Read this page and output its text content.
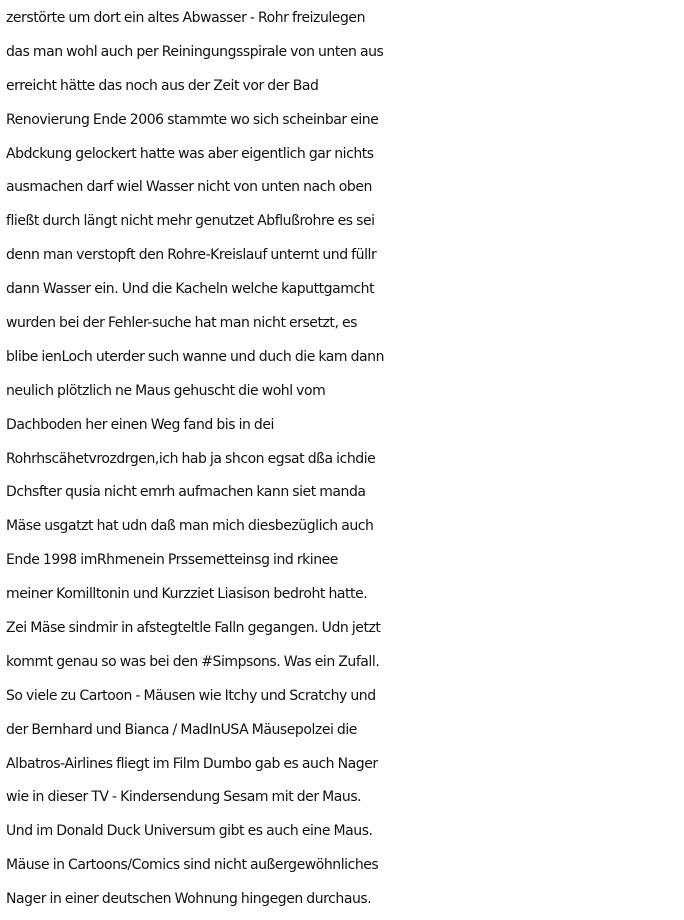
zerstörte um dort ein altes Abwasser - Rohr freizulegen
das man wohl auch per Reiningungsspirale von unten aus
erreicht hätte das noch aus der Zeit vor der Bad
Renovierung Ende 2006 stammte wo sich scheinbar eine
Abdckung gelockert hatte was aber eigentlich gar nichts
ausmachen darf wiel Wasser nicht von unten nach oben
fließt durch längt nicht mehr genutzet Abflußrohre es sei
denn man verstopft den Rohre-Kreislauf unternt und füllr
dann Wasser ein. Und die Kacheln welche kaputtgamcht
wurden bei der Fehler-suche hat man nicht ersetzt, es
blibe ienLoch uterder such wanne und duch die kam dann
neulich plötzlich ne Maus gehuscht die wohl vom
Dachboden her einen Weg fand bis in dei
Rohrhscähetvrozdrgen,ich hab ja shcon egsat dßa ichdie
Dchsfter qusia nicht emrh aufmachen kann siet manda
Mäse usgatzt hat udn daß man mich diesbezüglich auch
Ende 1998 imRhmenein Prssemetteinsg ind rkinee
meiner Komilltonin und Kurzziet Liasison bedroht hatte.
Zei Mäse sindmir in afstegteltle Falln gegangen. Udn jetzt
kommt genau so was bei den #Simpsons. Was ein Zufall.
So viele zu Cartoon - Mäusen wie Itchy und Scratchy und
der Bernhard und Bianca / MadInUSA Mäusepolzei die
Albatros-Airlines fliegt im Film Dumbo gab es auch Nager
wie in dieser TV - Kindersendung Sesam mit der Maus.
Und im Donald Duck Universum gibt es auch eine Maus.
Mäuse in Cartoons/Comics sind nicht außergewöhnliches
Nager in einer deutschen Wohnung hingegen durchaus.
